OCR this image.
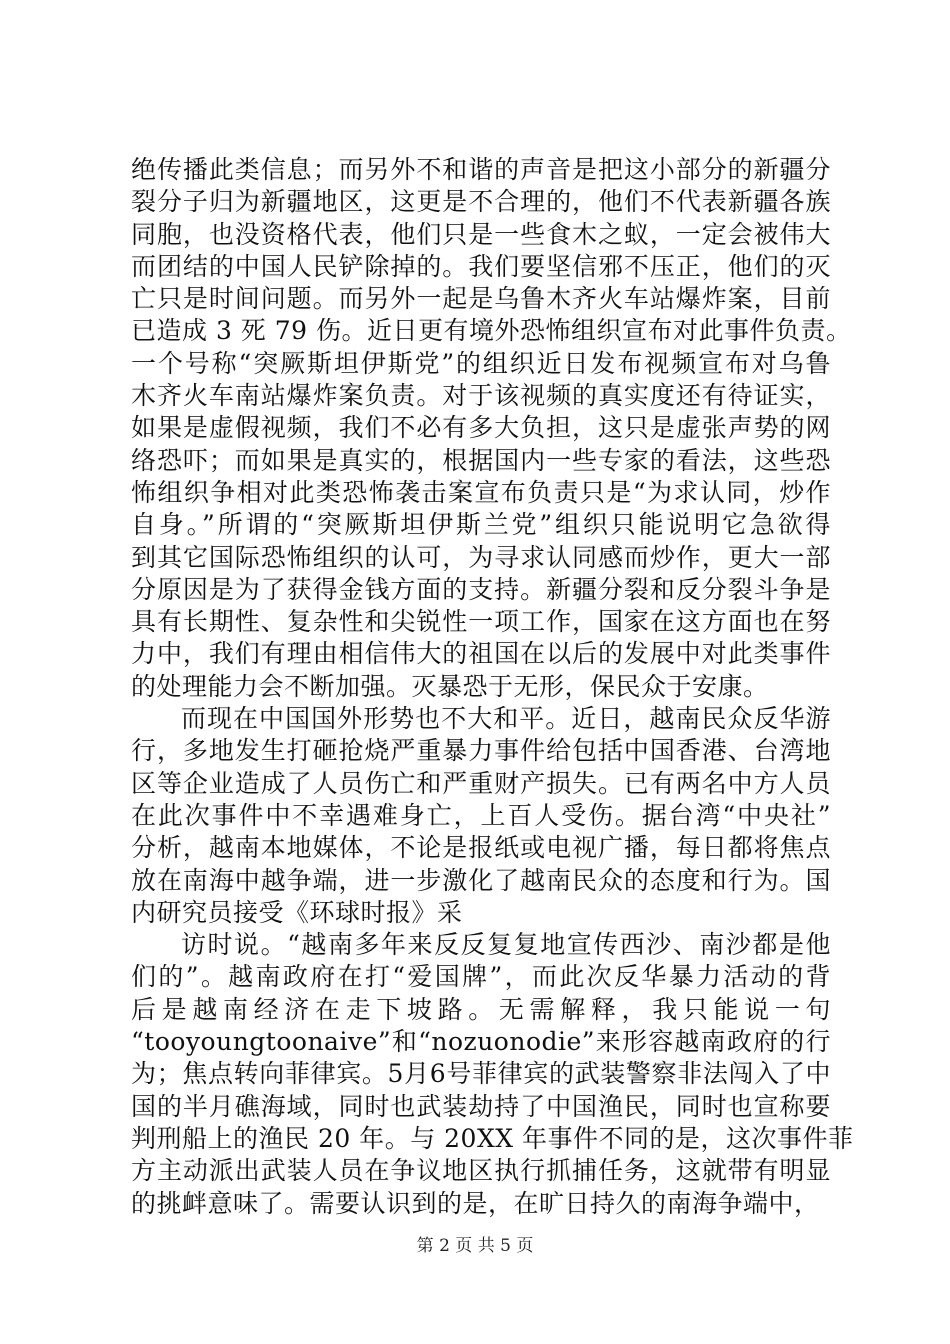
绝传播此类信息；而另外不和谐的声音是把这小部分的新疆分
裂分子归为新疆地区，这更是不合理的，他们不代表新疆各族
同胞，也没资格代表，他们只是一些食木之蚁，一定会被伟大
而团结的中国人民铲除掉的。我们要坚信邪不压正，他们的灭
亡只是时间问题。而另外一起是乌鲁木齐火车站爆炸案，目前
已造成 3 死 79 伤。近日更有境外恐怖组织宣布对此事件负责。
一个号称“突厥斯坦伊斯党”的组织近日发布视频宣布对乌鲁
木齐火车南站爆炸案负责。对于该视频的真实度还有待证实，
如果是虚假视频，我们不必有多大负担，这只是虚张声势的网
络恐吓；而如果是真实的，根据国内一些专家的看法，这些恐
怖组织争相对此类恐怖袭击案宣布负责只是“为求认同，炒作
自身。”所谓的“突厥斯坦伊斯兰党”组织只能说明它急欲得
到其它国际恐怖组织的认可，为寻求认同感而炒作，更大一部
分原因是为了获得金钱方面的支持。新疆分裂和反分裂斗争是
具有长期性、复杂性和尖锐性一项工作，国家在这方面也在努
力中，我们有理由相信伟大的祖国在以后的发展中对此类事件
的处理能力会不断加强。灭暴恐于无形，保民众于安康。
而现在中国国外形势也不大和平。近日，越南民众反华游
行，多地发生打砸抢烧严重暴力事件给包括中国香港、台湾地
区等企业造成了人员伤亡和严重财产损失。已有两名中方人员
在此次事件中不幸遇难身亡，上百人受伤。据台湾“中央社”
分析，越南本地媒体，不论是报纸或电视广播，每日都将焦点
放在南海中越争端，进一步激化了越南民众的态度和行为。国
内研究员接受《环球时报》采
访时说。“越南多年来反反复复地宣传西沙、南沙都是他
们的”。越南政府在打“爱国牌”，而此次反华暴力活动的背
后是越南经济在走下坡路。无需解释，我只能说一句
“tooyoungtoonaive”和“nozuonodie”来形容越南政府的行
为；焦点转向菲律宾。5月6号菲律宾的武装警察非法闯入了中
国的半月礁海域，同时也武装劫持了中国渔民，同时也宣称要
判刑船上的渔民 20 年。与 20XX 年事件不同的是，这次事件菲
方主动派出武装人员在争议地区执行抓捕任务，这就带有明显
的挑衅意味了。需要认识到的是，在旷日持久的南海争端中，
第 2 页 共 5 页
